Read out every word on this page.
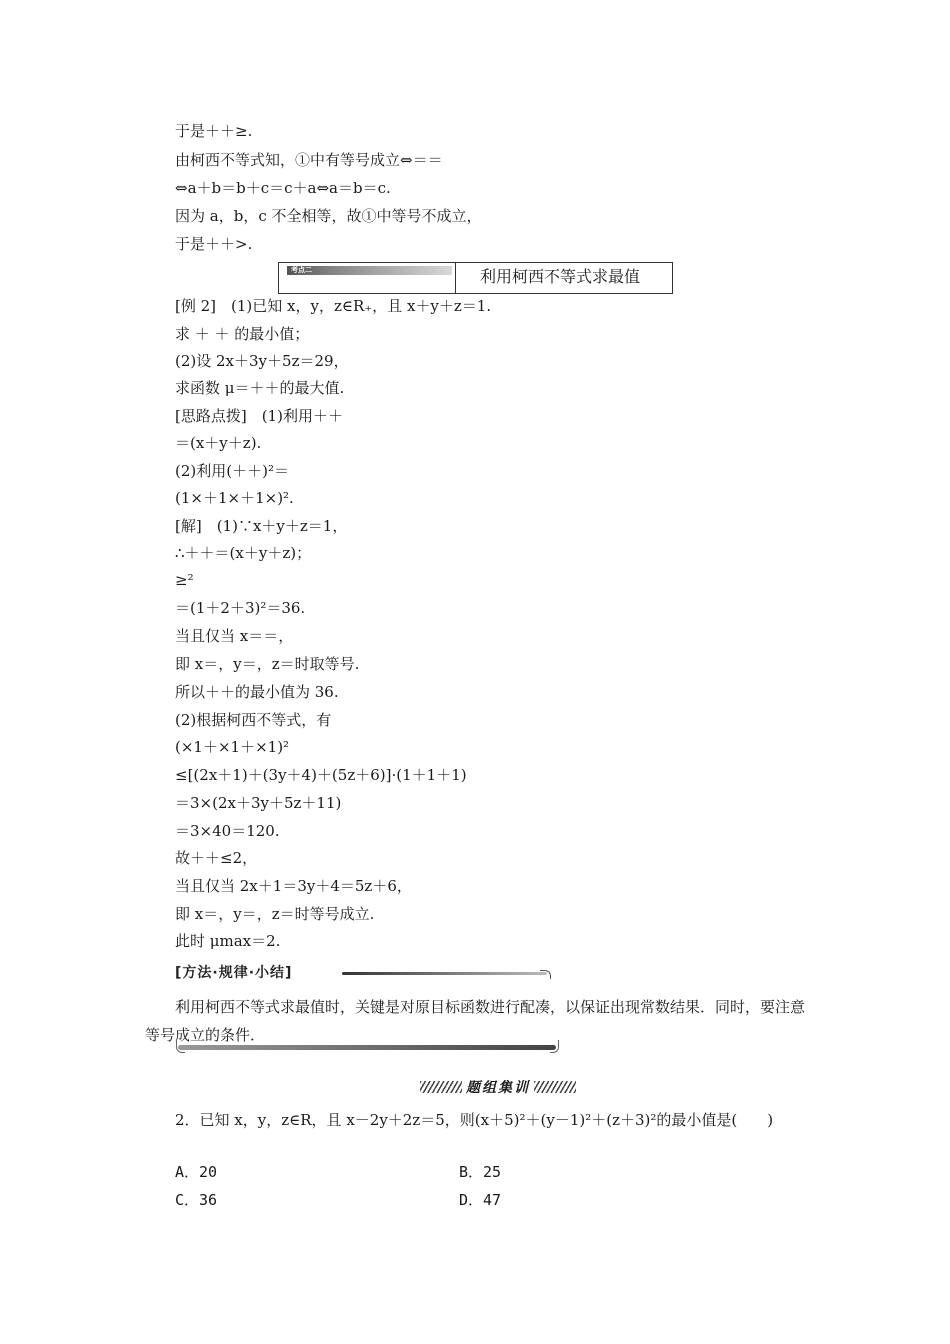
于是＋＋≥.
由柯西不等式知，①中有等号成立⇔＝＝
⇔a＋b＝b＋c＝c＋a⇔a＝b＝c.
因为 a，b，c 不全相等，故①中等号不成立，
于是＋＋>.
考点二	利用柯西不等式求最值
[例 2]　(1)已知 x，y，z∈R₊，且 x＋y＋z＝1.
求 ＋ ＋ 的最小值；
(2)设 2x＋3y＋5z＝29，
求函数 μ＝＋＋的最大值.
[思路点拨]　(1)利用＋＋
＝(x＋y＋z).
(2)利用(＋＋)²＝
(1×＋1×＋1×)².
[解]　(1)∵x＋y＋z＝1，
∴＋＋＝(x＋y＋z)；
≥²
＝(1＋2＋3)²＝36.
当且仅当 x＝＝，
即 x＝，y＝，z＝时取等号.
所以＋＋的最小值为 36.
(2)根据柯西不等式，有
(×1＋×1＋×1)²
≤[(2x＋1)＋(3y＋4)＋(5z＋6)]·(1＋1＋1)
＝3×(2x＋3y＋5z＋11)
＝3×40＝120.
故＋＋≤2，
当且仅当 2x＋1＝3y＋4＝5z＋6，
即 x＝，y＝，z＝时等号成立.
此时 μmax＝2.
[方法·规律·小结]
利用柯西不等式求最值时，关键是对原目标函数进行配凑，以保证出现常数结果．同时，要注意等号成立的条件．
题组集训
2．已知 x，y，z∈R，且 x－2y＋2z＝5，则(x＋5)²＋(y－1)²＋(z＋3)²的最小值是(　　)
A．20	B．25
C．36	D．47
